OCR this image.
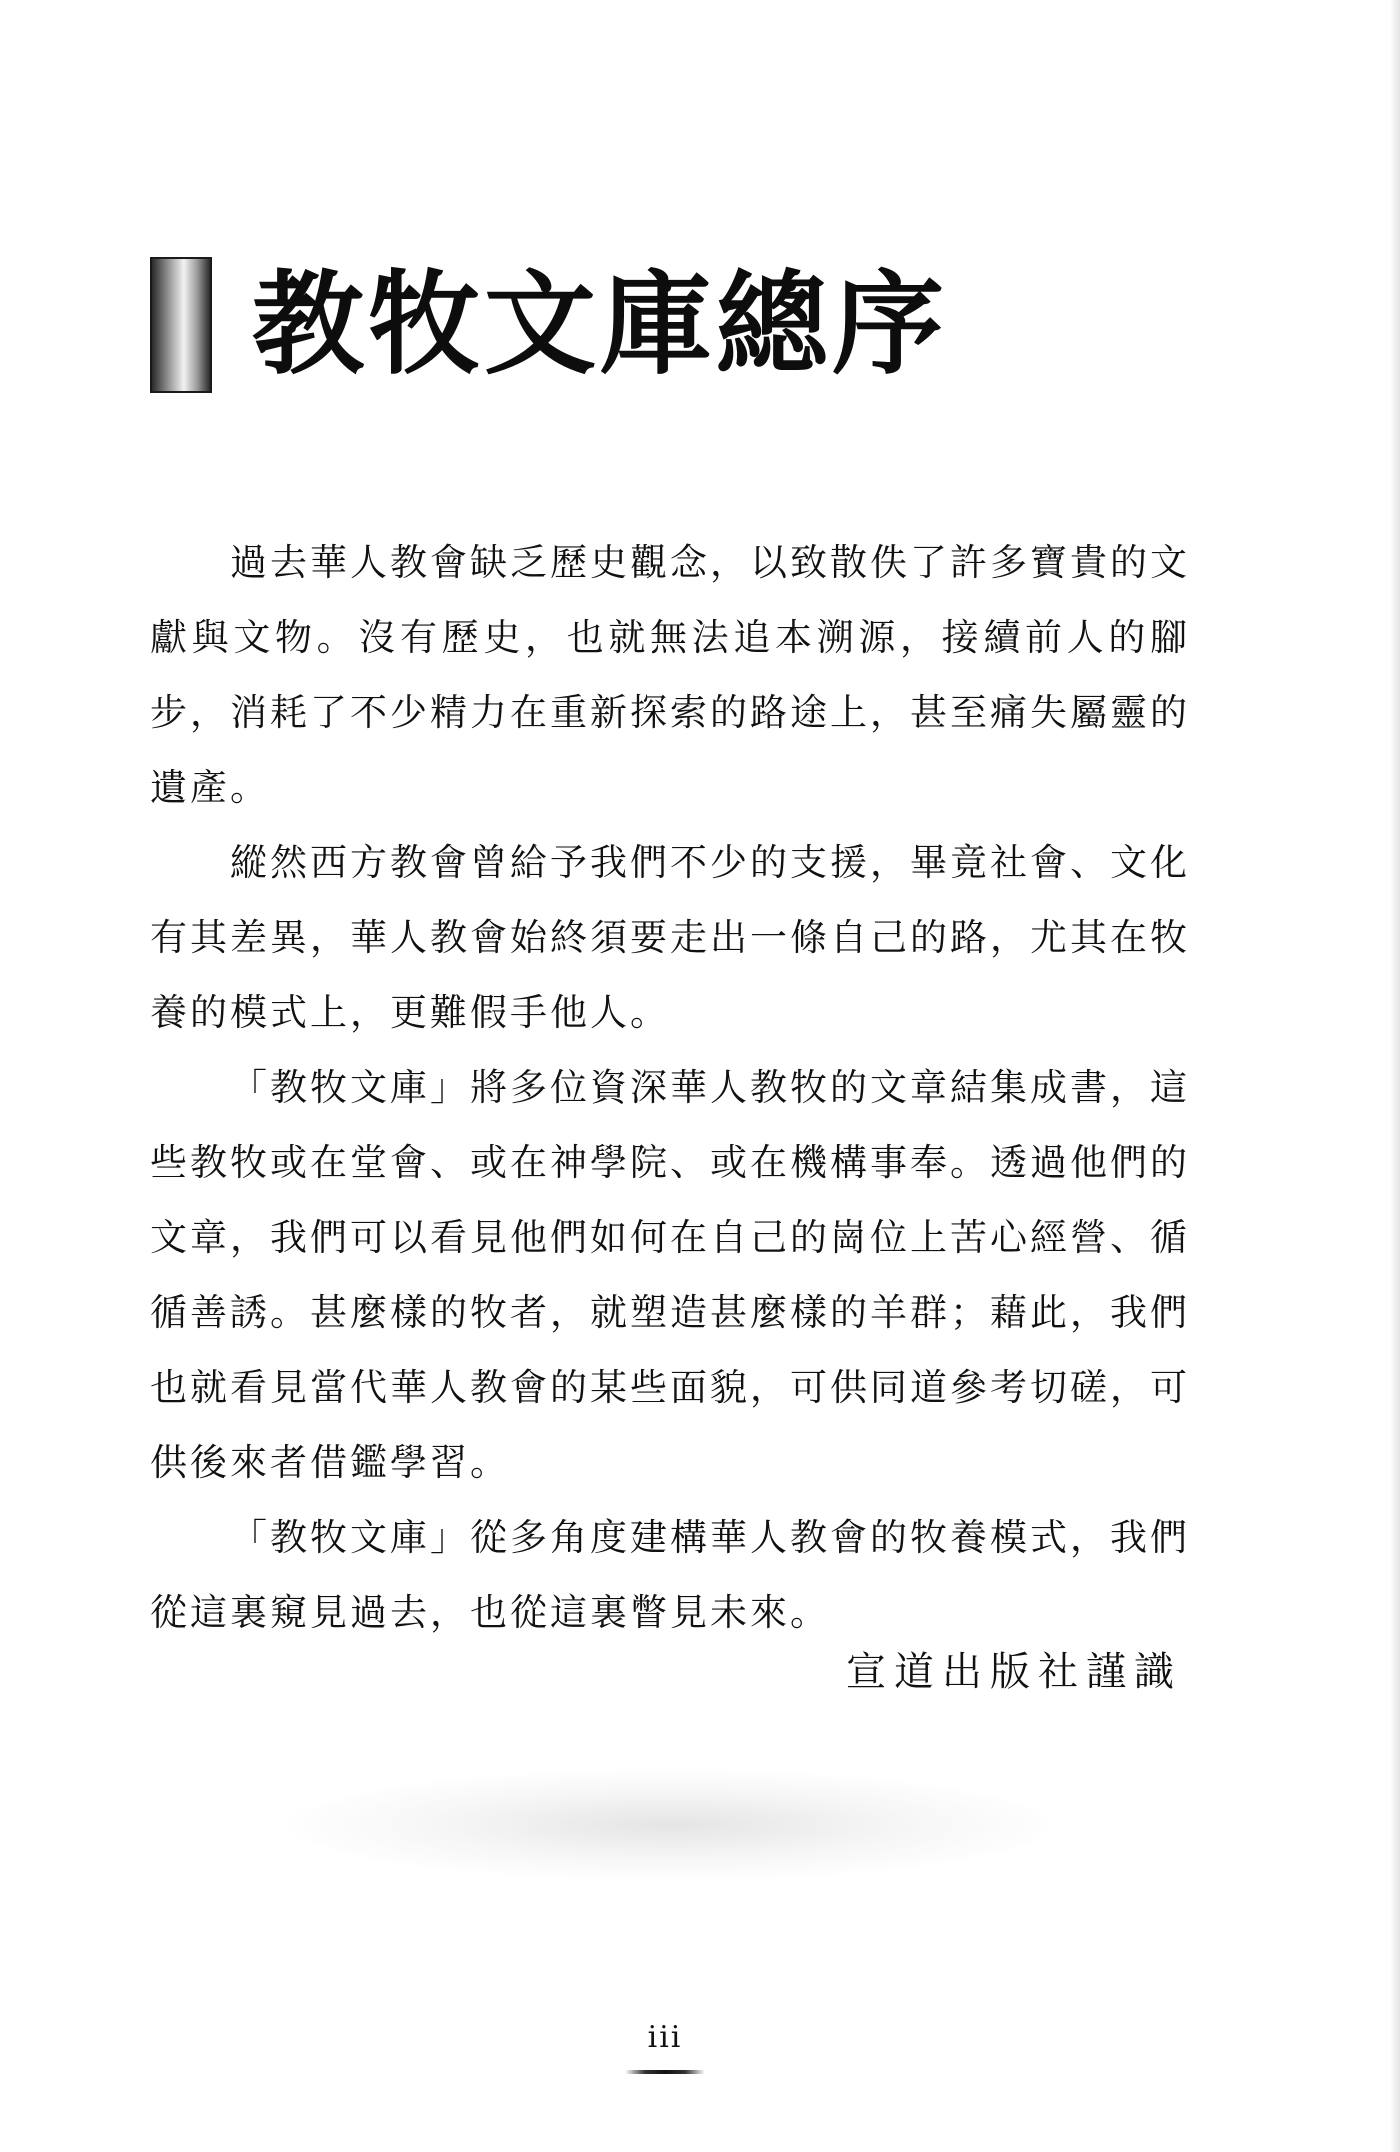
教牧文庫總序

過去華人教會缺乏歷史觀念，以致散佚了許多寶貴的文獻與文物。沒有歷史，也就無法追本溯源，接續前人的腳步，消耗了不少精力在重新探索的路途上，甚至痛失屬靈的遺產。

縱然西方教會曾給予我們不少的支援，畢竟社會、文化有其差異，華人教會始終須要走出一條自己的路，尤其在牧養的模式上，更難假手他人。

「教牧文庫」將多位資深華人教牧的文章結集成書，這些教牧或在堂會、或在神學院、或在機構事奉。透過他們的文章，我們可以看見他們如何在自己的崗位上苦心經營、循循善誘。甚麼樣的牧者，就塑造甚麼樣的羊群；藉此，我們也就看見當代華人教會的某些面貌，可供同道參考切磋，可供後來者借鑑學習。

「教牧文庫」從多角度建構華人教會的牧養模式，我們從這裏窺見過去，也從這裏瞥見未來。

宣道出版社謹識
iii
